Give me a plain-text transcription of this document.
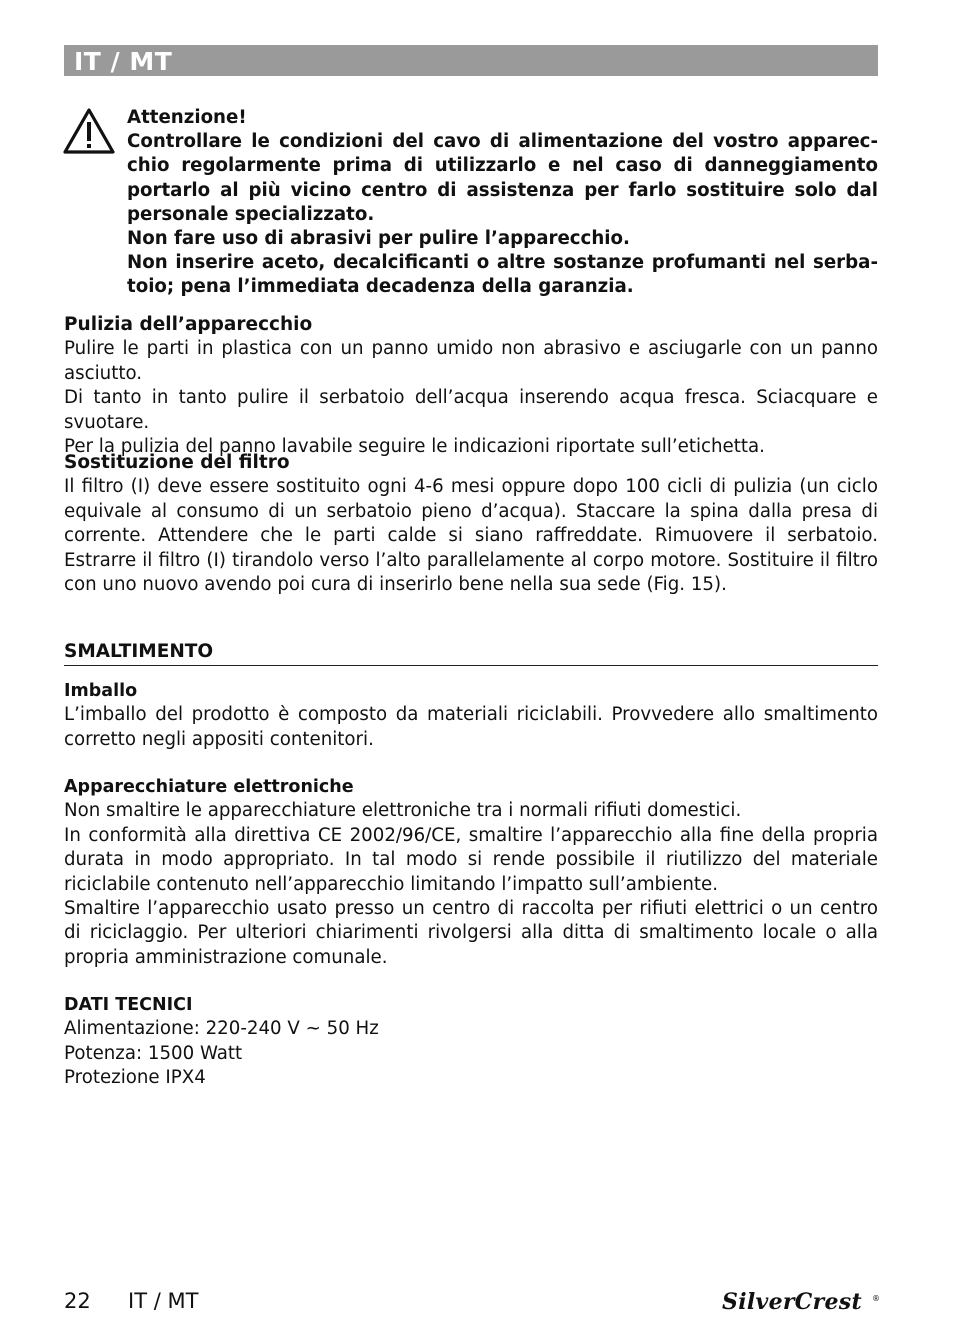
IT / MT

Attenzione!

Controllare le condizioni del cavo di alimentazione del vostro apparecchio regolarmente prima di utilizzarlo e nel caso di danneggiamento portarlo al più vicino centro di assistenza per farlo sostituire solo dal personale specializzato.

Non fare uso di abrasivi per pulire l’apparecchio.

Non inserire aceto, decalcificanti o altre sostanze profumanti nel serbatoio; pena l’immediata decadenza della garanzia.

Pulizia dell’apparecchio

Pulire le parti in plastica con un panno umido non abrasivo e asciugarle con un panno asciutto.

Di tanto in tanto pulire il serbatoio dell’acqua inserendo acqua fresca. Sciacquare e svuotare.

Per la pulizia del panno lavabile seguire le indicazioni riportate sull’etichetta.

Sostituzione del filtro

Il filtro (I) deve essere sostituito ogni 4-6 mesi oppure dopo 100 cicli di pulizia (un ciclo equivale al consumo di un serbatoio pieno d’acqua). Staccare la spina dalla presa di corrente. Attendere che le parti calde si siano raffreddate. Rimuovere il serbatoio. Estrarre il filtro (I) tirandolo verso l’alto parallelamente al corpo motore. Sostituire il filtro con uno nuovo avendo poi cura di inserirlo bene nella sua sede (Fig. 15).

SMALTIMENTO

Imballo

L’imballo del prodotto è composto da materiali riciclabili. Provvedere allo smaltimento corretto negli appositi contenitori.

Apparecchiature elettroniche

Non smaltire le apparecchiature elettroniche tra i normali rifiuti domestici.

In conformità alla direttiva CE 2002/96/CE, smaltire l’apparecchio alla fine della propria durata in modo appropriato. In tal modo si rende possibile il riutilizzo del materiale riciclabile contenuto nell’apparecchio limitando l’impatto sull’ambiente.

Smaltire l’apparecchio usato presso un centro di raccolta per rifiuti elettrici o un centro di riciclaggio. Per ulteriori chiarimenti rivolgersi alla ditta di smaltimento locale o alla propria amministrazione comunale.

DATI TECNICI

Alimentazione: 220-240 V ~ 50 Hz

Potenza: 1500 Watt

Protezione IPX4

22 IT / MT	SilverCrest ®
